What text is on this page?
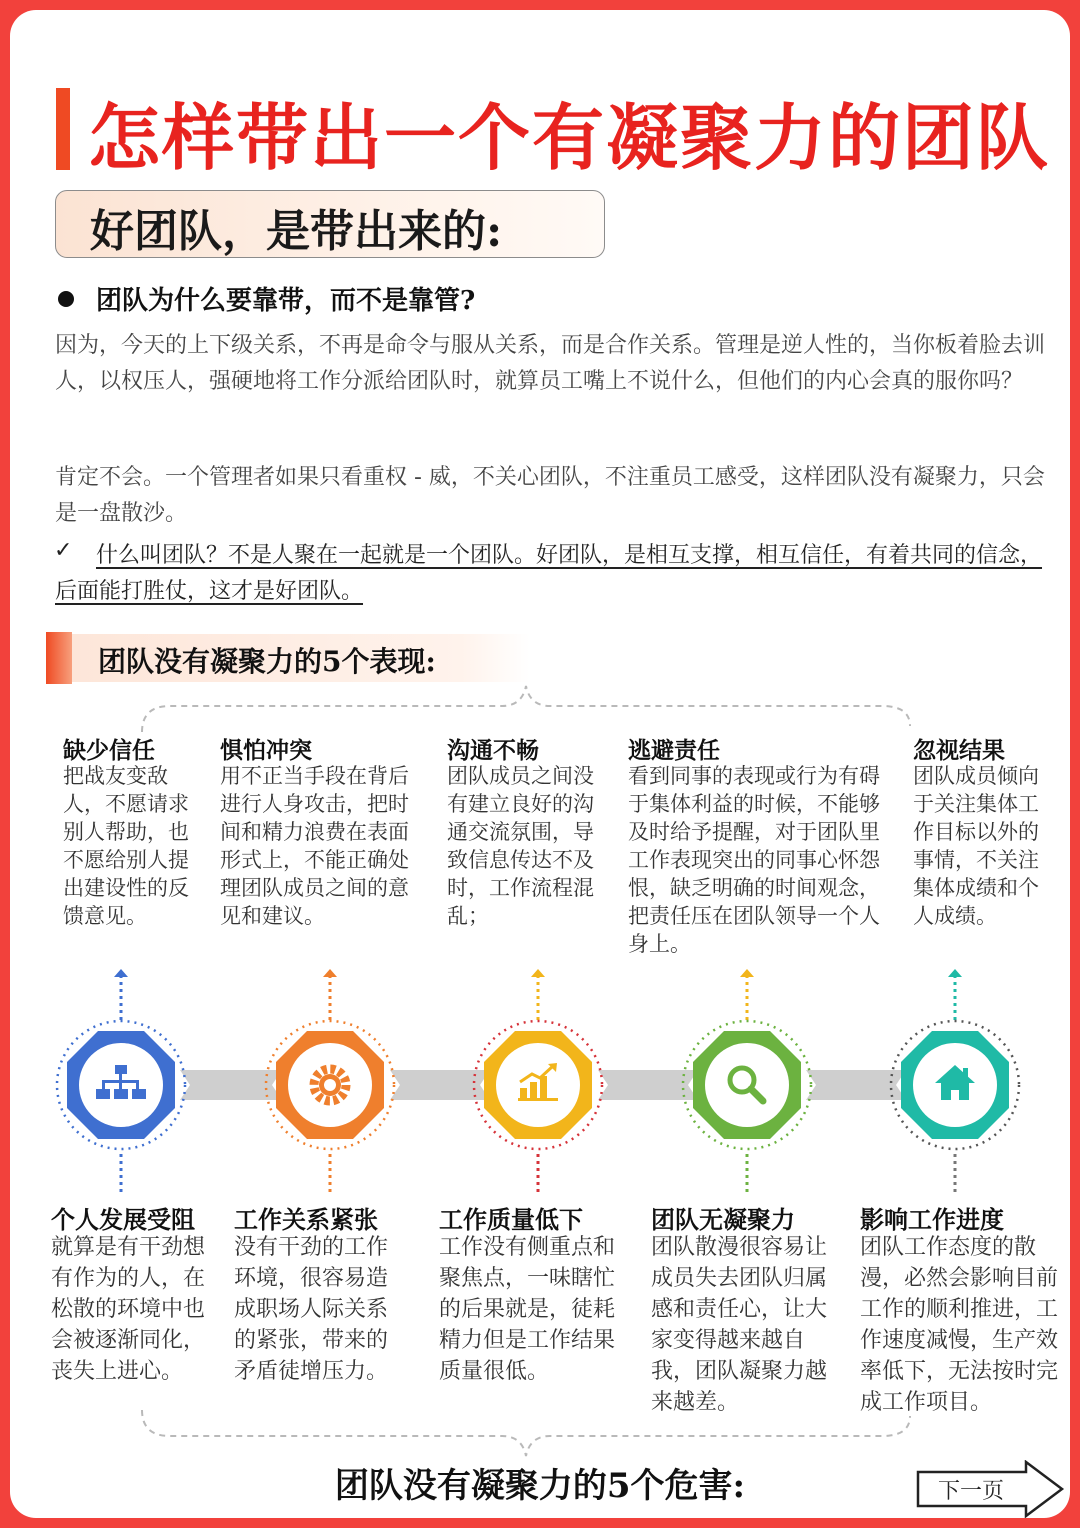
怎样带出一个有凝聚力的团队
好团队，是带出来的:
团队为什么要靠带，而不是靠管?

因为，今天的上下级关系，不再是命令与服从关系，而是合作关系。管理是逆人性的，当你板着脸去训人，以权压人，强硬地将工作分派给团队时，就算员工嘴上不说什么，但他们的内心会真的服你吗？

肯定不会。一个管理者如果只看重权 - 威，不关心团队，不注重员工感受，这样团队没有凝聚力，只会是一盘散沙。

✓	什么叫团队？不是人聚在一起就是一个团队。好团队，是相互支撑，相互信任，有着共同的信念，后面能打胜仗，这才是好团队。

团队没有凝聚力的5个表现:
缺少信任

把战友变敌人，不愿请求别人帮助，也不愿给别人提出建设性的反馈意见。

惧怕冲突

用不正当手段在背后进行人身攻击，把时间和精力浪费在表面形式上，不能正确处理团队成员之间的意见和建议。

沟通不畅

团队成员之间没有建立良好的沟通交流氛围，导致信息传达不及时，工作流程混乱；

逃避责任

看到同事的表现或行为有碍于集体利益的时候，不能够及时给予提醒，对于团队里工作表现突出的同事心怀怨恨，缺乏明确的时间观念，把责任压在团队领导一个人身上。

忽视结果

团队成员倾向于关注集体工作目标以外的事情，不关注集体成绩和个人成绩。

个人发展受阻

就算是有干劲想有作为的人，在松散的环境中也会被逐渐同化，丧失上进心。

工作关系紧张

没有干劲的工作环境，很容易造成职场人际关系的紧张，带来的矛盾徒增压力。

工作质量低下

工作没有侧重点和聚焦点，一味瞎忙的后果就是，徒耗精力但是工作结果质量很低。

团队无凝聚力

团队散漫很容易让成员失去团队归属感和责任心，让大家变得越来越自我，团队凝聚力越来越差。

影响工作进度

团队工作态度的散漫，必然会影响目前工作的顺利推进，工作速度减慢，生产效率低下，无法按时完成工作项目。

团队没有凝聚力的5个危害:	下一页
